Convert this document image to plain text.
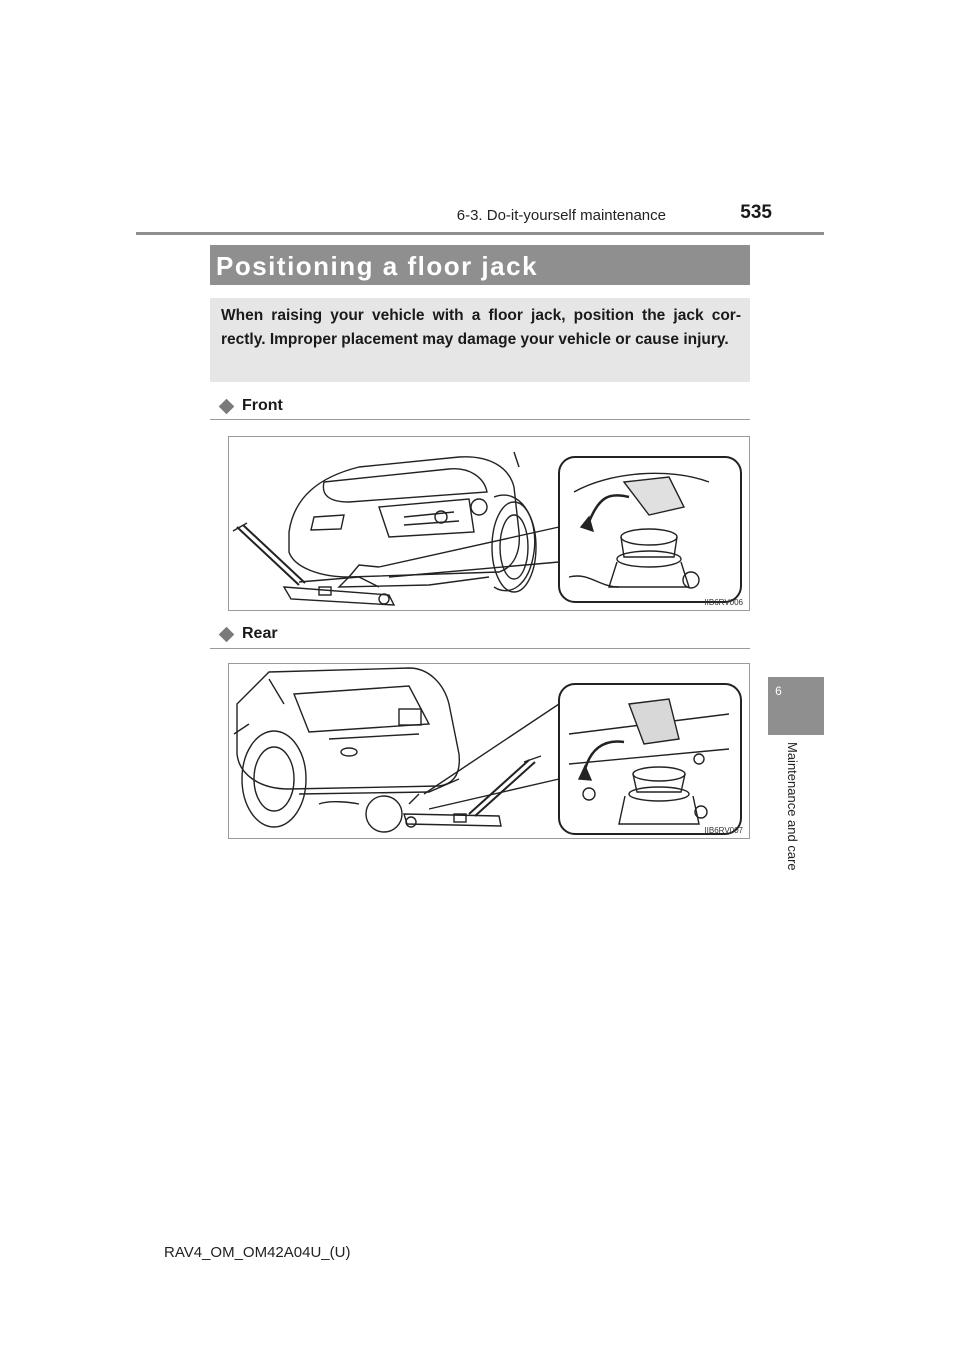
6-3. Do-it-yourself maintenance	535
6
Maintenance and care
Positioning a floor jack

When raising your vehicle with a floor jack, position the jack cor-rectly. Improper placement may damage your vehicle or cause injury.

Front
IIB6RV006
Rear
IIB6RV007
RAV4_OM_OM42A04U_(U)
